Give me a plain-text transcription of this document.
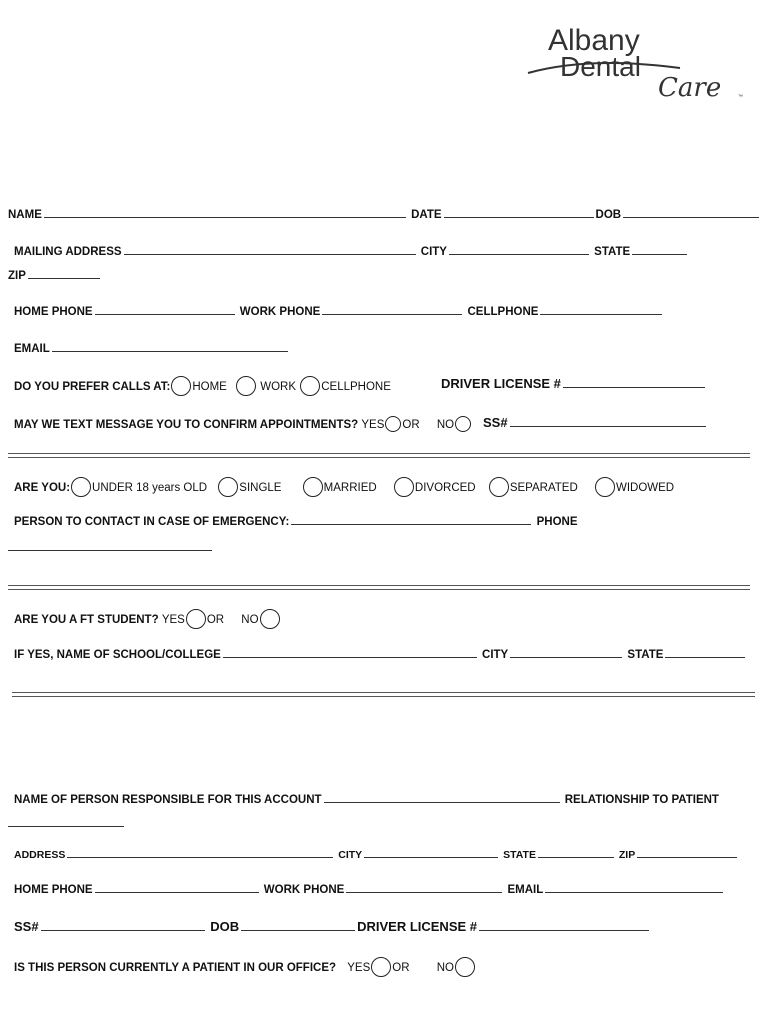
Albany
Dental
Care	™
NAME	DATE	DOB
MAILING ADDRESS	CITY	STATE
ZIP
HOME PHONE	WORK PHONE	CELLPHONE
EMAIL
DO YOU PREFER CALLS AT: HOME	WORK CELLPHONE	DRIVER LICENSE #
MAY WE TEXT MESSAGE YOU TO CONFIRM APPOINTMENTS? YES OR NO	SS#
ARE YOU: UNDER 18 years OLD	SINGLE	MARRIED	DIVORCED	SEPARATED	WIDOWED
PERSON TO CONTACT IN CASE OF EMERGENCY:	PHONE
ARE YOU A FT STUDENT? YES OR NO
IF YES, NAME OF SCHOOL/COLLEGE	CITY	STATE
NAME OF PERSON RESPONSIBLE FOR THIS ACCOUNT	RELATIONSHIP TO PATIENT
ADDRESS	CITY	STATE	ZIP
HOME PHONE	WORK PHONE	EMAIL
SS#	DOB	DRIVER LICENSE #
IS THIS PERSON CURRENTLY A PATIENT IN OUR OFFICE? YES OR NO
